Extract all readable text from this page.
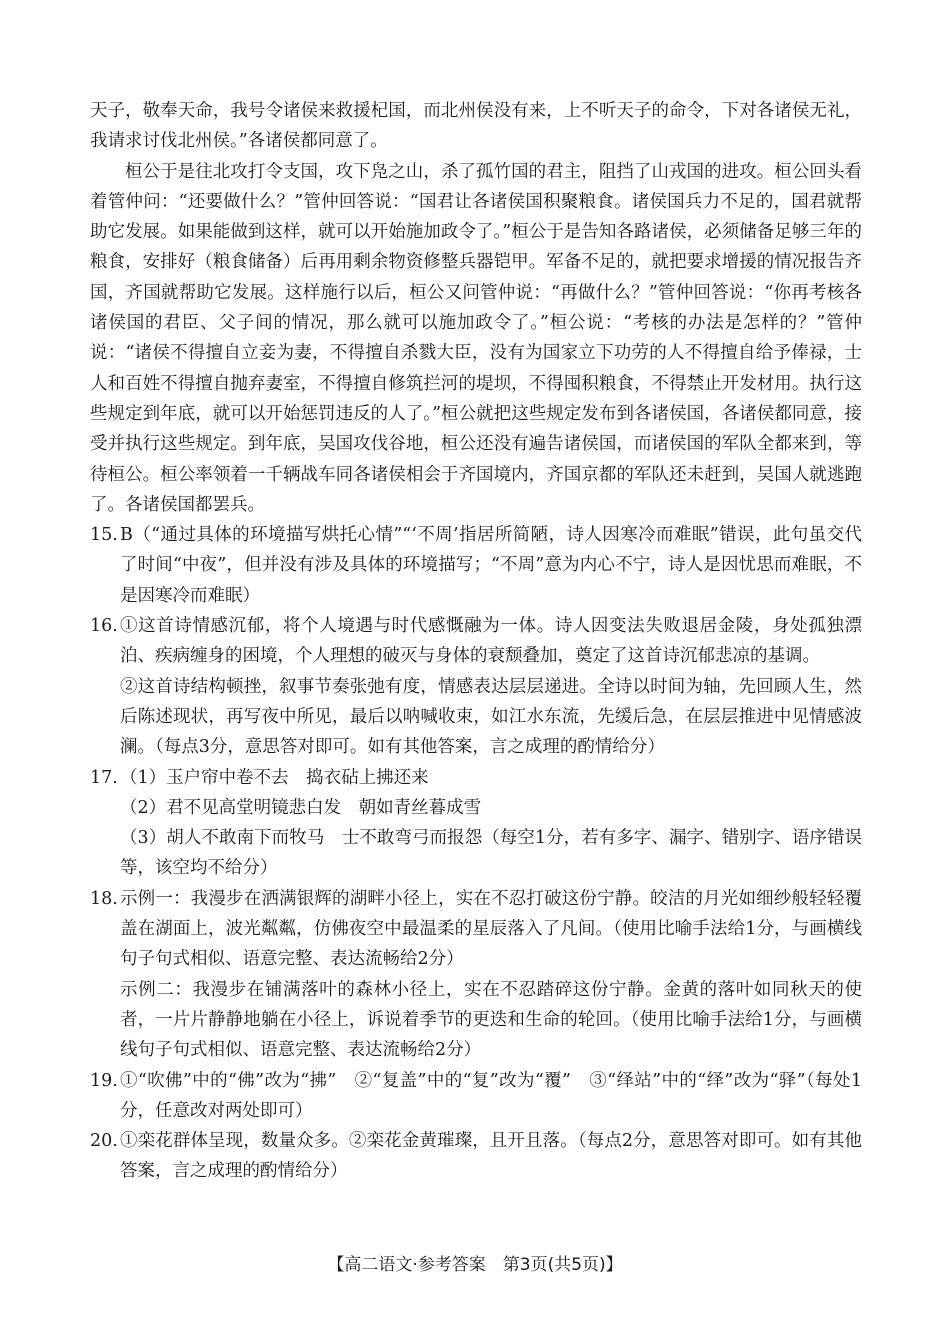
天子，敬奉天命，我号令诸侯来救援杞国，而北州侯没有来，上不听天子的命令，下对各诸侯无礼，我请求讨伐北州侯。”各诸侯都同意了。

桓公于是往北攻打令支国，攻下凫之山，杀了孤竹国的君主，阻挡了山戎国的进攻。桓公回头看着管仲问：“还要做什么？”管仲回答说：“国君让各诸侯国积聚粮食。诸侯国兵力不足的，国君就帮助它发展。如果能做到这样，就可以开始施加政令了。”桓公于是告知各路诸侯，必须储备足够三年的粮食，安排好（粮食储备）后再用剩余物资修整兵器铠甲。军备不足的，就把要求增援的情况报告齐国，齐国就帮助它发展。这样施行以后，桓公又问管仲说：“再做什么？”管仲回答说：“你再考核各诸侯国的君臣、父子间的情况，那么就可以施加政令了。”桓公说：“考核的办法是怎样的？”管仲说：“诸侯不得擅自立妾为妻，不得擅自杀戮大臣，没有为国家立下功劳的人不得擅自给予俸禄，士人和百姓不得擅自抛弃妻室，不得擅自修筑拦河的堤坝，不得囤积粮食，不得禁止开发材用。执行这些规定到年底，就可以开始惩罚违反的人了。”桓公就把这些规定发布到各诸侯国，各诸侯都同意，接受并执行这些规定。到年底，吴国攻伐谷地，桓公还没有遍告诸侯国，而诸侯国的军队全都来到，等待桓公。桓公率领着一千辆战车同各诸侯相会于齐国境内，齐国京都的军队还未赶到，吴国人就逃跑了。各诸侯国都罢兵。

15. B（“通过具体的环境描写烘托心情”“‘不周’指居所简陋，诗人因寒冷而难眠”错误，此句虽交代了时间“中夜”，但并没有涉及具体的环境描写；“不周”意为内心不宁，诗人是因忧思而难眠，不是因寒冷而难眠）

16. ①这首诗情感沉郁，将个人境遇与时代感慨融为一体。诗人因变法失败退居金陵，身处孤独漂泊、疾病缠身的困境，个人理想的破灭与身体的衰颓叠加，奠定了这首诗沉郁悲凉的基调。

②这首诗结构顿挫，叙事节奏张弛有度，情感表达层层递进。全诗以时间为轴，先回顾人生，然后陈述现状，再写夜中所见，最后以呐喊收束，如江水东流，先缓后急，在层层推进中见情感波澜。（每点3分，意思答对即可。如有其他答案，言之成理的酌情给分）

17. （1）玉户帘中卷不去　捣衣砧上拂还来

（2）君不见高堂明镜悲白发　朝如青丝暮成雪

（3）胡人不敢南下而牧马　士不敢弯弓而报怨（每空1分，若有多字、漏字、错别字、语序错误等，该空均不给分）

18. 示例一：我漫步在洒满银辉的湖畔小径上，实在不忍打破这份宁静。皎洁的月光如细纱般轻轻覆盖在湖面上，波光粼粼，仿佛夜空中最温柔的星辰落入了凡间。（使用比喻手法给1分，与画横线句子句式相似、语意完整、表达流畅给2分）

示例二：我漫步在铺满落叶的森林小径上，实在不忍踏碎这份宁静。金黄的落叶如同秋天的使者，一片片静静地躺在小径上，诉说着季节的更迭和生命的轮回。（使用比喻手法给1分，与画横线句子句式相似、语意完整、表达流畅给2分）

19. ①“吹佛”中的“佛”改为“拂”　②“复盖”中的“复”改为“覆”　③“绎站”中的“绎”改为“驿”（每处1分，任意改对两处即可）

20. ①栾花群体呈现，数量众多。②栾花金黄璀璨，且开且落。（每点2分，意思答对即可。如有其他答案，言之成理的酌情给分）

【高二语文·参考答案　第3页(共5页)】
